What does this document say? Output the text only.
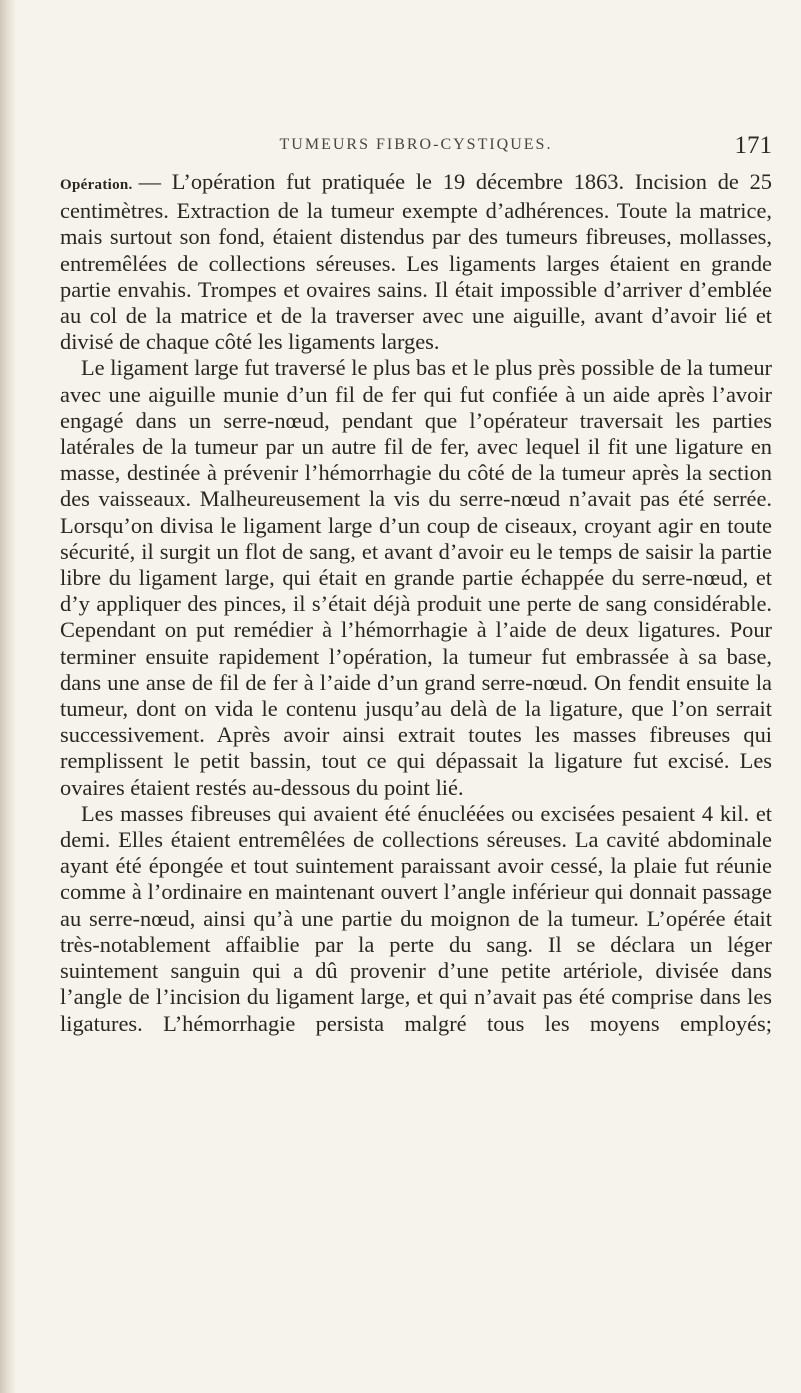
TUMEURS FIBRO-CYSTIQUES.	171

Opération. — L’opération fut pratiquée le 19 décembre 1863. Incision de 25 centimètres. Extraction de la tumeur exempte d’adhérences. Toute la matrice, mais surtout son fond, étaient distendus par des tumeurs fibreuses, mollasses, entremêlées de collections séreuses. Les ligaments larges étaient en grande partie envahis. Trompes et ovaires sains. Il était impossible d’arriver d’emblée au col de la matrice et de la traverser avec une aiguille, avant d’avoir lié et divisé de chaque côté les ligaments larges.

Le ligament large fut traversé le plus bas et le plus près possible de la tumeur avec une aiguille munie d’un fil de fer qui fut confiée à un aide après l’avoir engagé dans un serre-nœud, pendant que l’opérateur traversait les parties latérales de la tumeur par un autre fil de fer, avec lequel il fit une ligature en masse, destinée à prévenir l’hémorrhagie du côté de la tumeur après la section des vaisseaux. Malheureusement la vis du serre-nœud n’avait pas été serrée. Lorsqu’on divisa le ligament large d’un coup de ciseaux, croyant agir en toute sécurité, il surgit un flot de sang, et avant d’avoir eu le temps de saisir la partie libre du ligament large, qui était en grande partie échappée du serre-nœud, et d’y appliquer des pinces, il s’était déjà produit une perte de sang considérable. Cependant on put remédier à l’hémorrhagie à l’aide de deux ligatures. Pour terminer ensuite rapidement l’opération, la tumeur fut embrassée à sa base, dans une anse de fil de fer à l’aide d’un grand serre-nœud. On fendit ensuite la tumeur, dont on vida le contenu jusqu’au delà de la ligature, que l’on serrait successivement. Après avoir ainsi extrait toutes les masses fibreuses qui remplissent le petit bassin, tout ce qui dépassait la ligature fut excisé. Les ovaires étaient restés au-dessous du point lié.

Les masses fibreuses qui avaient été énucléées ou excisées pesaient 4 kil. et demi. Elles étaient entremêlées de collections séreuses. La cavité abdominale ayant été épongée et tout suintement paraissant avoir cessé, la plaie fut réunie comme à l’ordinaire en maintenant ouvert l’angle inférieur qui donnait passage au serre-nœud, ainsi qu’à une partie du moignon de la tumeur. L’opérée était très-notablement affaiblie par la perte du sang. Il se déclara un léger suintement sanguin qui a dû provenir d’une petite artériole, divisée dans l’angle de l’incision du ligament large, et qui n’avait pas été comprise dans les ligatures. L’hémorrhagie persista malgré tous les moyens employés;
